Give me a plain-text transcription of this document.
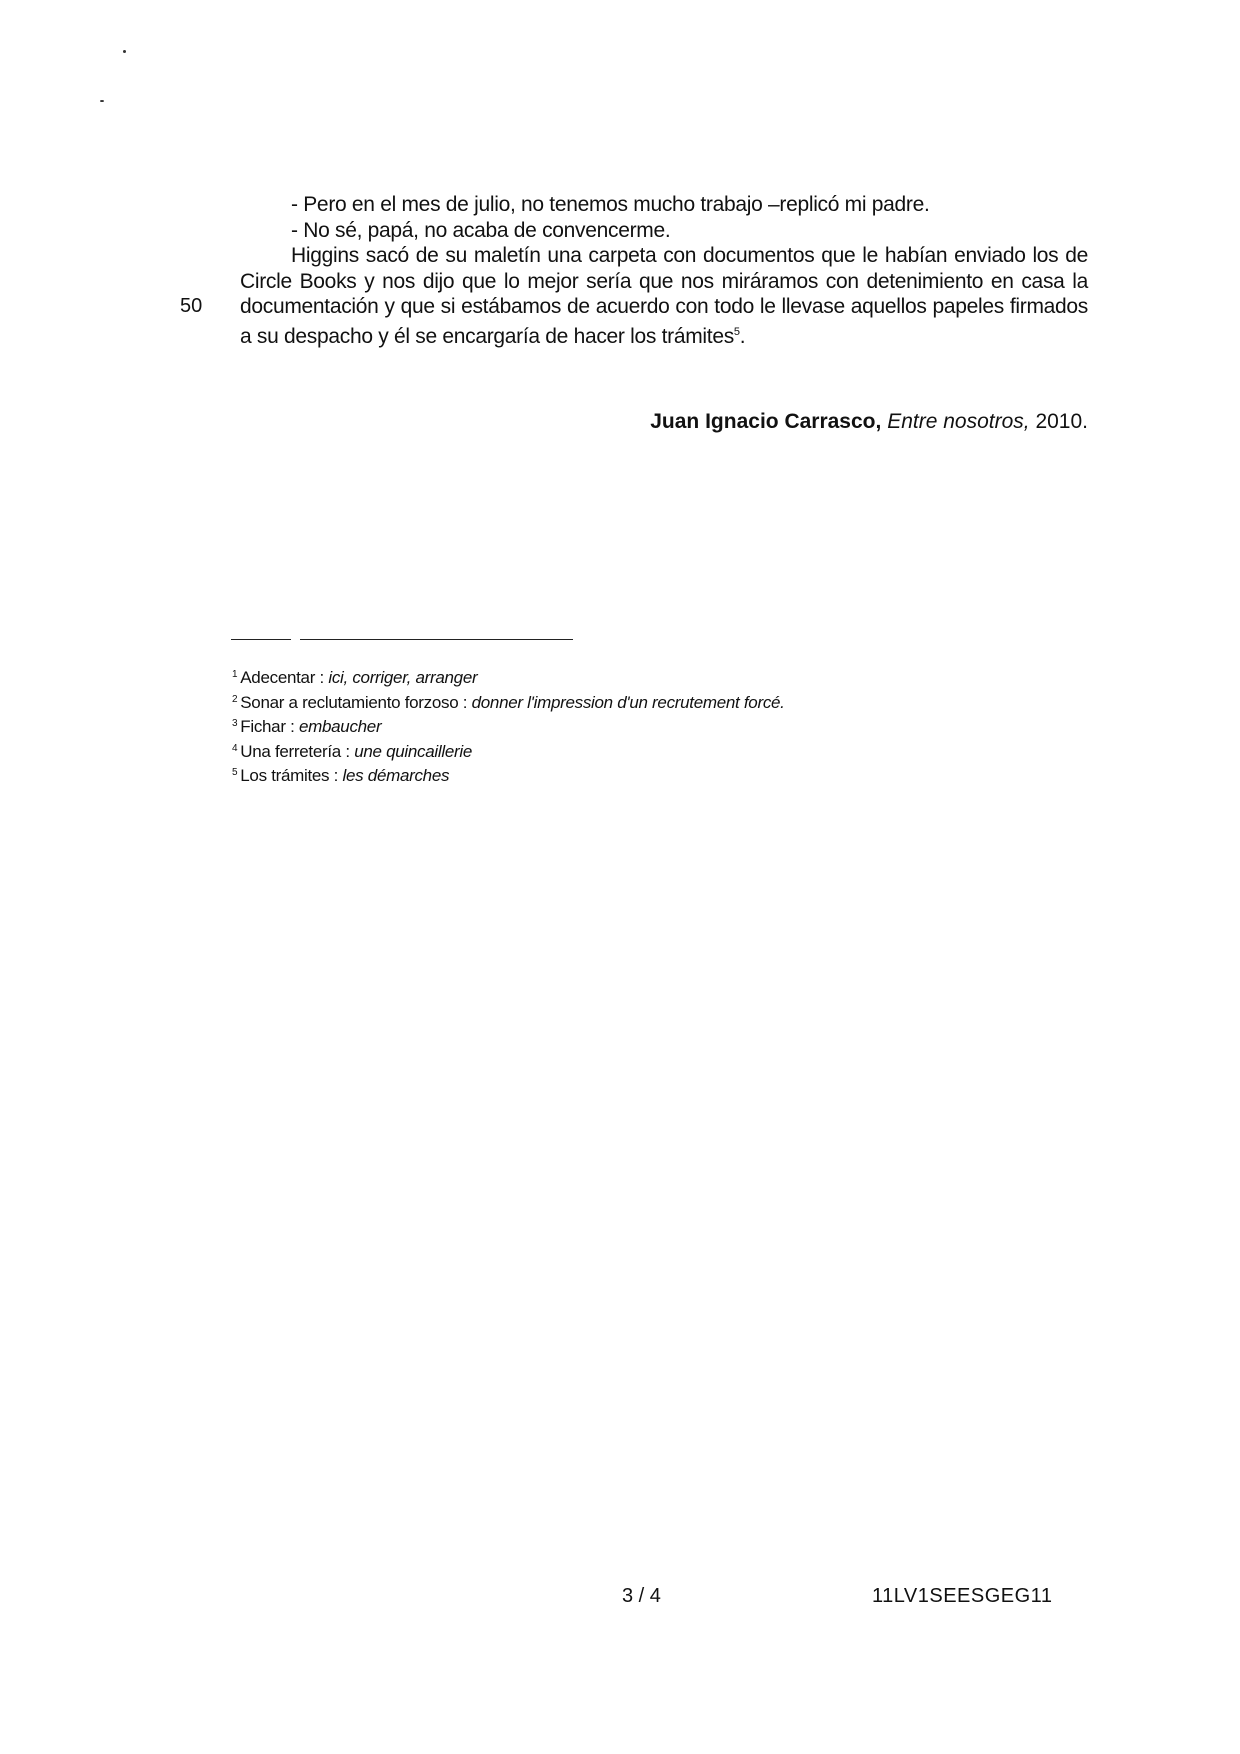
- Pero en el mes de julio, no tenemos mucho trabajo –replicó mi padre.

- No sé, papá, no acaba de convencerme.

Higgins sacó de su maletín una carpeta con documentos que le habían enviado los de Circle Books y nos dijo que lo mejor sería que nos miráramos con detenimiento en casa la documentación y que si estábamos de acuerdo con todo le llevase aquellos papeles firmados a su despacho y él se encargaría de hacer los trámites$^5$.

50
Juan Ignacio Carrasco, Entre nosotros, 2010.
$^1$ Adecentar : ici, corriger, arranger
$^2$ Sonar a reclutamiento forzoso : donner l'impression d'un recrutement forcé.
$^3$ Fichar : embaucher
$^4$ Una ferretería : une quincaillerie
$^5$ Los trámites : les démarches
3 / 4	11LV1SEESGEG11
